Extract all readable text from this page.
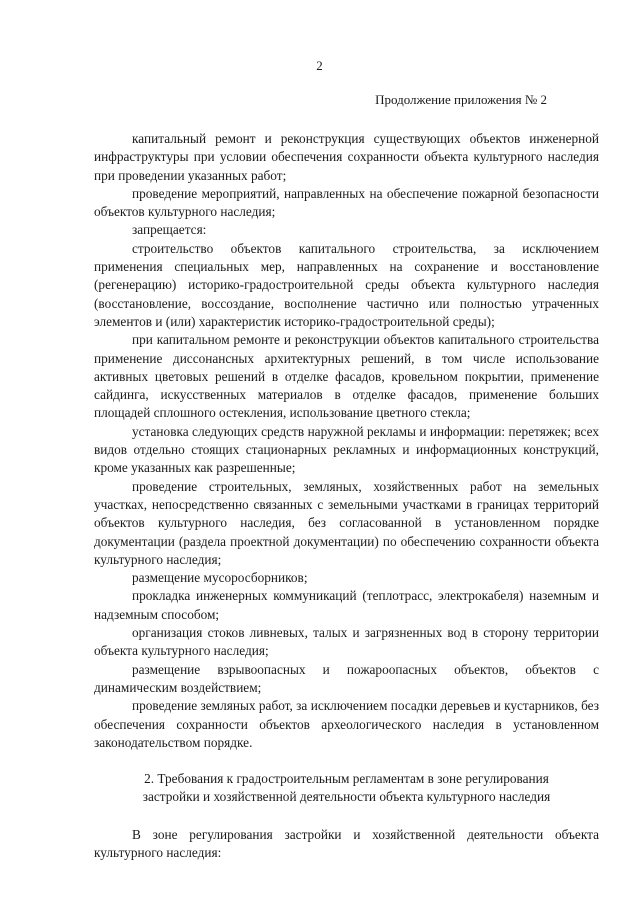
2
Продолжение приложения № 2

капитальный ремонт и реконструкция существующих объектов инженерной инфраструктуры при условии обеспечения сохранности объекта культурного наследия при проведении указанных работ;

проведение мероприятий, направленных на обеспечение пожарной безопасности объектов культурного наследия;

запрещается:

строительство объектов капитального строительства, за исключением применения специальных мер, направленных на сохранение и восстановление (регенерацию) историко-градостроительной среды объекта культурного наследия (восстановление, воссоздание, восполнение частично или полностью утраченных элементов и (или) характеристик историко-градостроительной среды);

при капитальном ремонте и реконструкции объектов капитального строительства применение диссонансных архитектурных решений, в том числе использование активных цветовых решений в отделке фасадов, кровельном покрытии, применение сайдинга, искусственных материалов в отделке фасадов, применение больших площадей сплошного остекления, использование цветного стекла;

установка следующих средств наружной рекламы и информации: перетяжек; всех видов отдельно стоящих стационарных рекламных и информационных конструкций, кроме указанных как разрешенные;

проведение строительных, земляных, хозяйственных работ на земельных участках, непосредственно связанных с земельными участками в границах территорий объектов культурного наследия, без согласованной в установленном порядке документации (раздела проектной документации) по обеспечению сохранности объекта культурного наследия;

размещение мусоросборников;

прокладка инженерных коммуникаций (теплотрасс, электрокабеля) наземным и надземным способом;

организация стоков ливневых, талых и загрязненных вод в сторону территории объекта культурного наследия;

размещение взрывоопасных и пожароопасных объектов, объектов с динамическим воздействием;

проведение земляных работ, за исключением посадки деревьев и кустарников, без обеспечения сохранности объектов археологического наследия в установленном законодательством порядке.

2. Требования к градостроительным регламентам в зоне регулирования
застройки и хозяйственной деятельности объекта культурного наследия

В зоне регулирования застройки и хозяйственной деятельности объекта культурного наследия:
